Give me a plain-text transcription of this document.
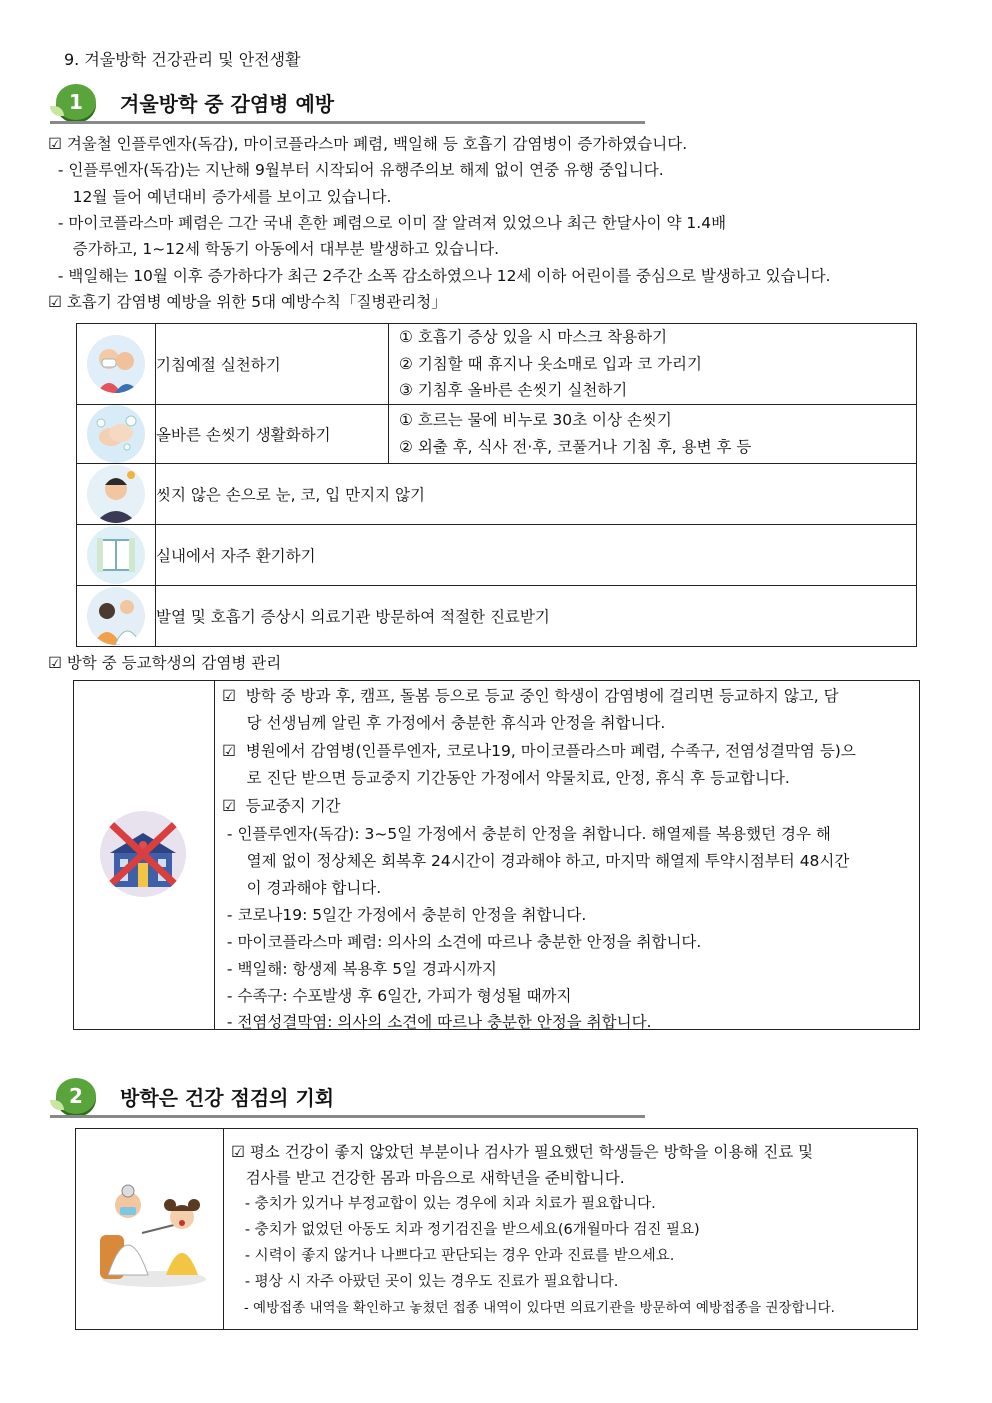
9. 겨울방학 건강관리 및 안전생활
1	겨울방학 중 감염병 예방
☑ 겨울철 인플루엔자(독감), 마이코플라스마 폐렴, 백일해 등 호흡기 감염병이 증가하였습니다.
- 인플루엔자(독감)는 지난해 9월부터 시작되어 유행주의보 해제 없이 연중 유행 중입니다.
12월 들어 예년대비 증가세를 보이고 있습니다.
- 마이코플라스마 폐렴은 그간 국내 흔한 폐렴으로 이미 잘 알려져 있었으나 최근 한달사이 약 1.4배
증가하고, 1~12세 학동기 아동에서 대부분 발생하고 있습니다.
- 백일해는 10월 이후 증가하다가 최근 2주간 소폭 감소하였으나 12세 이하 어린이를 중심으로 발생하고 있습니다.
☑ 호흡기 감염병 예방을 위한 5대 예방수칙「질병관리청」
	기침예절 실천하기	① 호흡기 증상 있을 시 마스크 착용하기
② 기침할 때 휴지나 옷소매로 입과 코 가리기
③ 기침후 올바른 손씻기 실천하기

	올바른 손씻기 생활화하기	① 흐르는 물에 비누로 30초 이상 손씻기
② 외출 후, 식사 전·후, 코풀거나 기침 후, 용변 후 등

	씻지 않은 손으로 눈, 코, 입 만지지 않기	

	실내에서 자주 환기하기	

	발열 및 호흡기 증상시 의료기관 방문하여 적절한 진료받기	
☑ 방학 중 등교학생의 감염병 관리
☑  방학 중 방과 후, 캠프, 돌봄 등으로 등교 중인 학생이 감염병에 걸리면 등교하지 않고, 담
당 선생님께 알린 후 가정에서 충분한 휴식과 안정을 취합니다.
☑  병원에서 감염병(인플루엔자, 코로나19, 마이코플라스마 폐렴, 수족구, 전염성결막염 등)으
로 진단 받으면 등교중지 기간동안 가정에서 약물치료, 안정, 휴식 후 등교합니다.
☑  등교중지 기간
- 인플루엔자(독감): 3~5일 가정에서 충분히 안정을 취합니다. 해열제를 복용했던 경우 해
열제 없이 정상체온 회복후 24시간이 경과해야 하고, 마지막 해열제 투약시점부터 48시간
이 경과해야 합니다.
- 코로나19: 5일간 가정에서 충분히 안정을 취합니다.
- 마이코플라스마 폐렴: 의사의 소견에 따르나 충분한 안정을 취합니다.
- 백일해: 항생제 복용후 5일 경과시까지
- 수족구: 수포발생 후 6일간, 가피가 형성될 때까지
- 전염성결막염: 의사의 소견에 따르나 충분한 안정을 취합니다.
2	방학은 건강 점검의 기회
☑ 평소 건강이 좋지 않았던 부분이나 검사가 필요했던 학생들은 방학을 이용해 진료 및
검사를 받고 건강한 몸과 마음으로 새학년을 준비합니다.
- 충치가 있거나 부정교합이 있는 경우에 치과 치료가 필요합니다.
- 충치가 없었던 아동도 치과 정기검진을 받으세요(6개월마다 검진 필요)
- 시력이 좋지 않거나 나쁘다고 판단되는 경우 안과 진료를 받으세요.
- 평상 시 자주 아팠던 곳이 있는 경우도 진료가 필요합니다.
- 예방접종 내역을 확인하고 놓쳤던 접종 내역이 있다면 의료기관을 방문하여 예방접종을 권장합니다.
